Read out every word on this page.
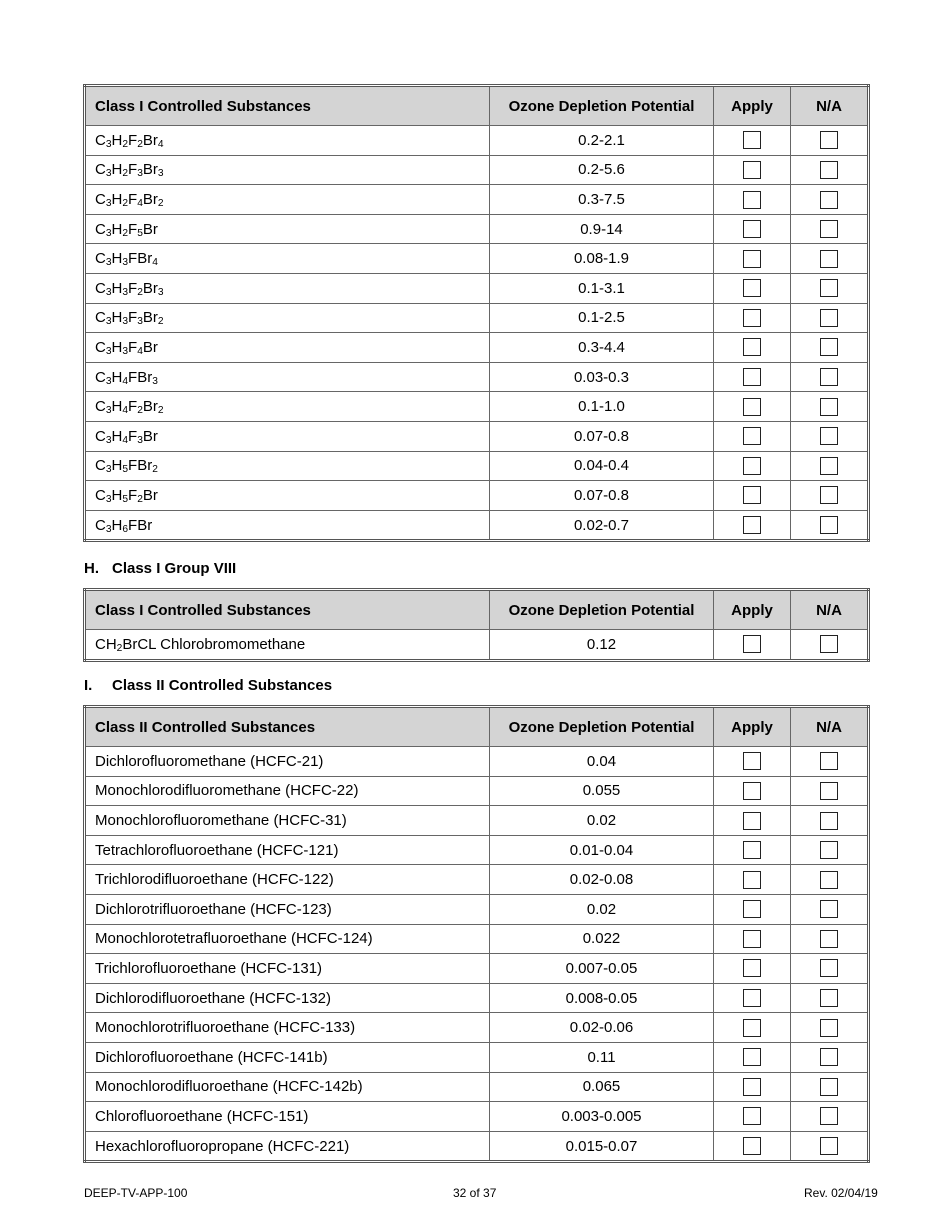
Class I Controlled Substances	Ozone Depletion Potential	Apply	N/A
$C_3H_2F_2Br_4$	0.2-2.1		
$C_3H_2F_3Br_3$	0.2-5.6		
$C_3H_2F_4Br_2$	0.3-7.5		
$C_3H_2F_5Br$	0.9-14		
$C_3H_3FBr_4$	0.08-1.9		
$C_3H_3F_2Br_3$	0.1-3.1		
$C_3H_3F_3Br_2$	0.1-2.5		
$C_3H_3F_4Br$	0.3-4.4		
$C_3H_4FBr_3$	0.03-0.3		
$C_3H_4F_2Br_2$	0.1-1.0		
$C_3H_4F_3Br$	0.07-0.8		
$C_3H_5FBr_2$	0.04-0.4		
$C_3H_5F_2Br$	0.07-0.8		
$C_3H_6FBr$	0.02-0.7		
H. Class I Group VIII
Class I Controlled Substances	Ozone Depletion Potential	Apply	N/A
$CH_2BrCL$ Chlorobromomethane	0.12		
I. Class II Controlled Substances
Class II Controlled Substances	Ozone Depletion Potential	Apply	N/A
Dichlorofluoromethane (HCFC-21)	0.04		
Monochlorodifluoromethane (HCFC-22)	0.055		
Monochlorofluoromethane (HCFC-31)	0.02		
Tetrachlorofluoroethane (HCFC-121)	0.01-0.04		
Trichlorodifluoroethane (HCFC-122)	0.02-0.08		
Dichlorotrifluoroethane (HCFC-123)	0.02		
Monochlorotetrafluoroethane (HCFC-124)	0.022		
Trichlorofluoroethane (HCFC-131)	0.007-0.05		
Dichlorodifluoroethane (HCFC-132)	0.008-0.05		
Monochlorotrifluoroethane (HCFC-133)	0.02-0.06		
Dichlorofluoroethane (HCFC-141b)	0.11		
Monochlorodifluoroethane (HCFC-142b)	0.065		
Chlorofluoroethane (HCFC-151)	0.003-0.005		
Hexachlorofluoropropane (HCFC-221)	0.015-0.07		
DEEP-TV-APP-100	32 of 37	Rev. 02/04/19
